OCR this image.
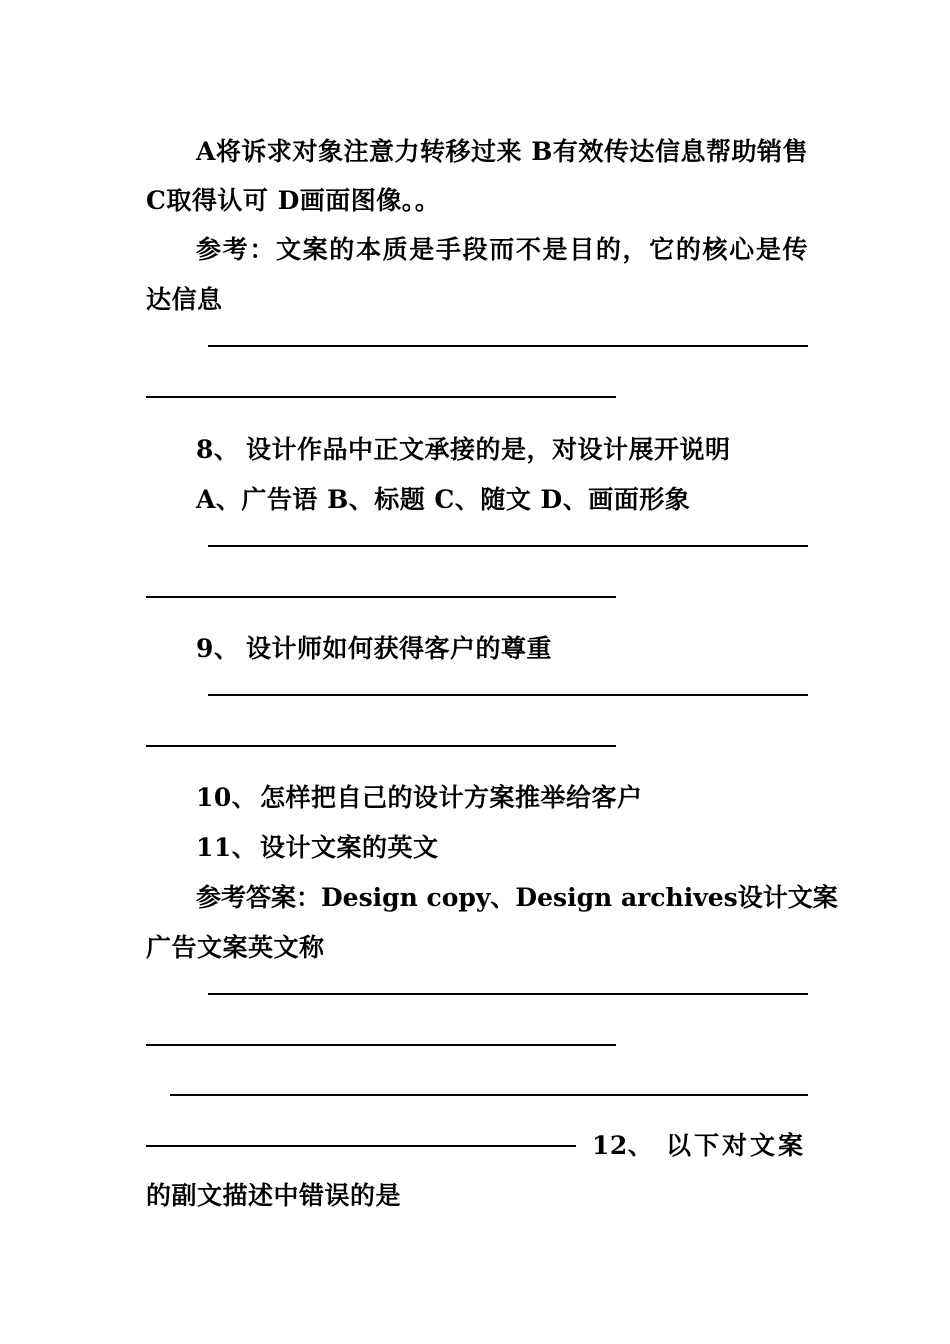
A将诉求对象注意力转移过来 B有效传达信息帮助销售
C取得认可 D画面图像。。
参考：文案的本质是手段而不是目的，它的核心是传
达信息
8、 设计作品中正文承接的是，对设计展开说明
A、广告语 B、标题 C、随文 D、画面形象
9、 设计师如何获得客户的尊重
10、 怎样把自己的设计方案推举给客户
11、 设计文案的英文
参考答案：Design copy、Design archives设计文案
广告文案英文称
12、 以下对文案
的副文描述中错误的是
